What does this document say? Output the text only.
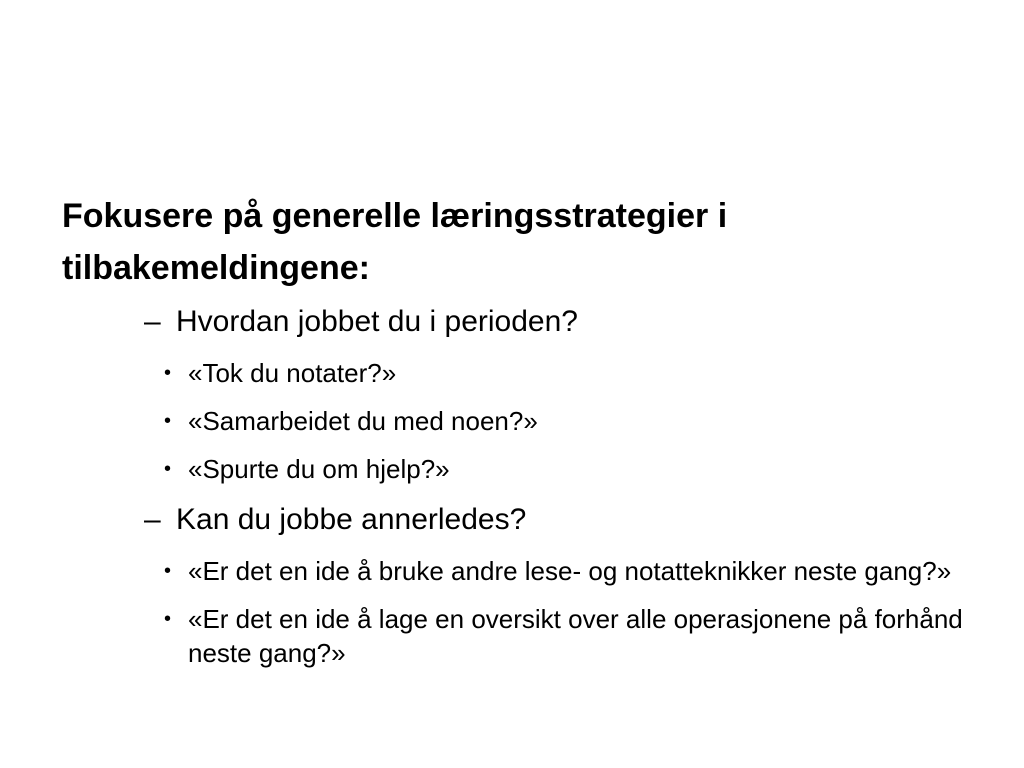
Fokusere på generelle læringsstrategier i tilbakemeldingene:

– Hvordan jobbet du i perioden?
• «Tok du notater?»
• «Samarbeidet du med noen?»
• «Spurte du om hjelp?»
– Kan du jobbe annerledes?
• «Er det en ide å bruke andre lese- og notatteknikker neste gang?»
• «Er det en ide å lage en oversikt over alle operasjonene på forhånd neste gang?»
